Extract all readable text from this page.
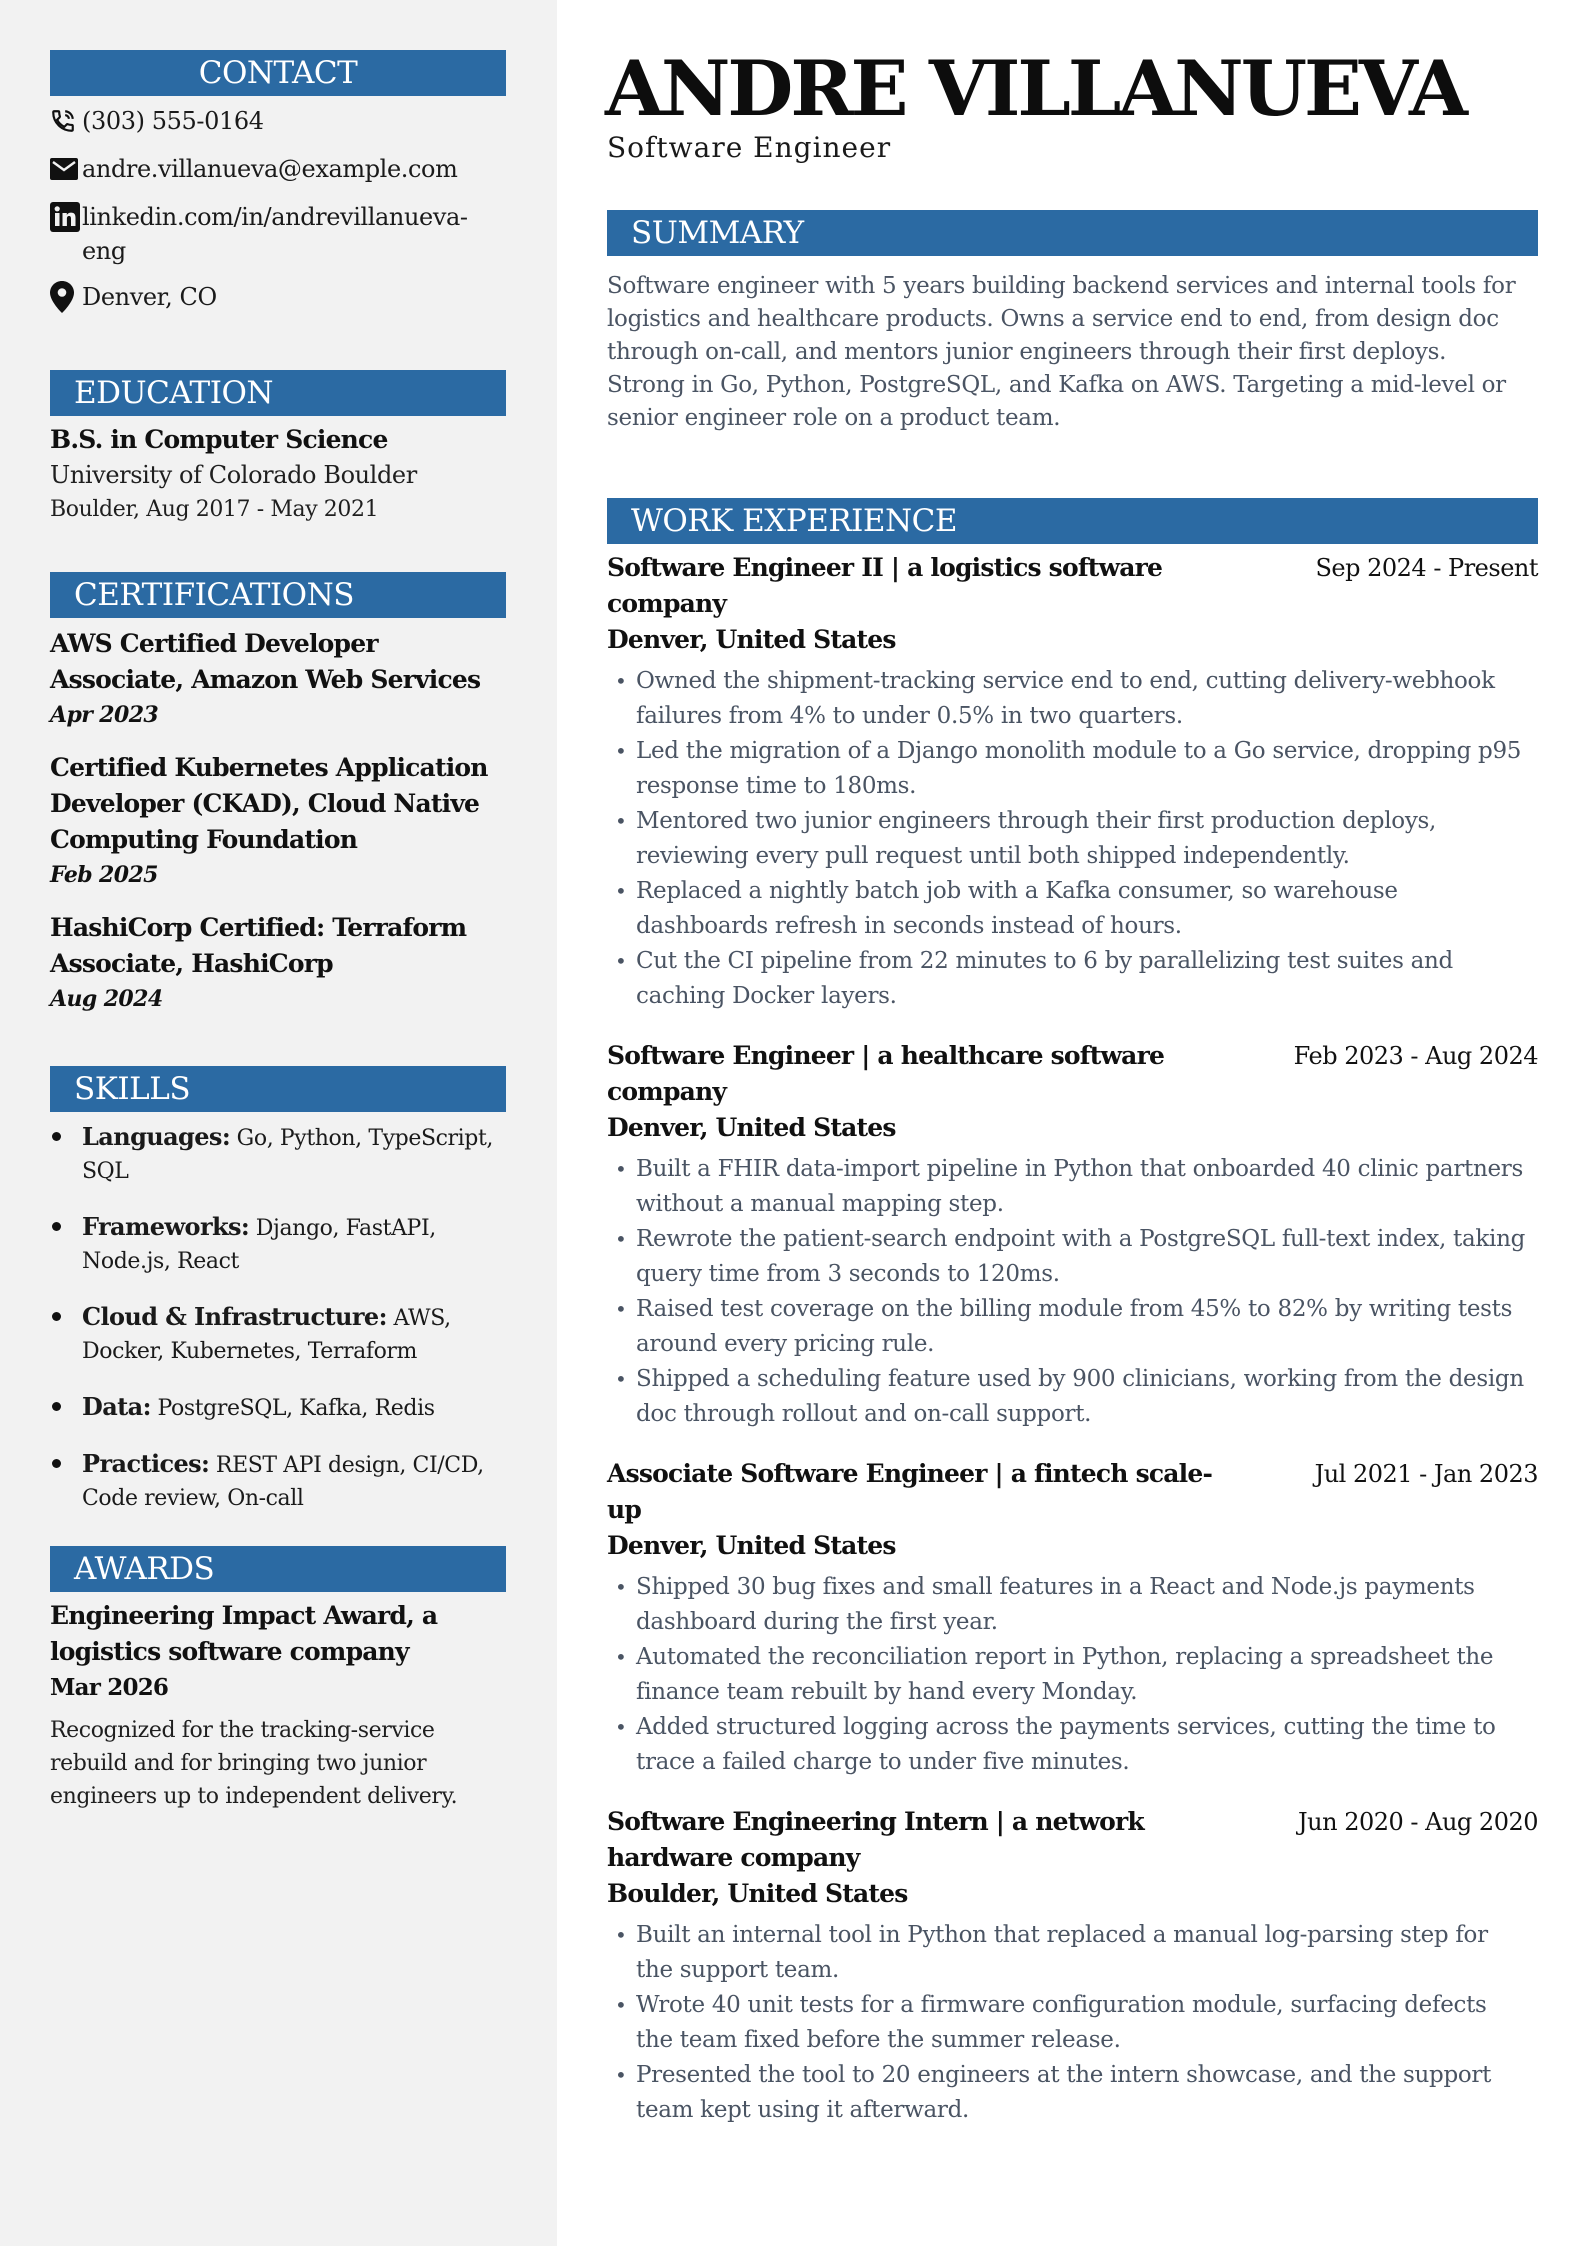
CONTACT
(303) 555-0164
andre.villanueva@example.com
linkedin.com/in/andrevillanueva-eng
Denver, CO
EDUCATION
B.S. in Computer Science
University of Colorado Boulder
Boulder, Aug 2017 - May 2021
CERTIFICATIONS
AWS Certified Developer Associate, Amazon Web Services
Apr 2023
Certified Kubernetes Application Developer (CKAD), Cloud Native Computing Foundation
Feb 2025
HashiCorp Certified: Terraform Associate, HashiCorp
Aug 2024
SKILLS
Languages: Go, Python, TypeScript, SQL
Frameworks: Django, FastAPI, Node.js, React
Cloud & Infrastructure: AWS, Docker, Kubernetes, Terraform
Data: PostgreSQL, Kafka, Redis
Practices: REST API design, CI/CD, Code review, On-call
AWARDS
Engineering Impact Award, a logistics software company
Mar 2026
Recognized for the tracking-service rebuild and for bringing two junior engineers up to independent delivery.
ANDRE VILLANUEVA
Software Engineer
SUMMARY

Software engineer with 5 years building backend services and internal tools for logistics and healthcare products. Owns a service end to end, from design doc through on-call, and mentors junior engineers through their first deploys. Strong in Go, Python, PostgreSQL, and Kafka on AWS. Targeting a mid-level or senior engineer role on a product team.

WORK EXPERIENCE
Software Engineer II | a logistics software company
Sep 2024 - Present
Denver, United States
• Owned the shipment-tracking service end to end, cutting delivery-webhook failures from 4% to under 0.5% in two quarters.
• Led the migration of a Django monolith module to a Go service, dropping p95 response time to 180ms.
• Mentored two junior engineers through their first production deploys, reviewing every pull request until both shipped independently.
• Replaced a nightly batch job with a Kafka consumer, so warehouse dashboards refresh in seconds instead of hours.
• Cut the CI pipeline from 22 minutes to 6 by parallelizing test suites and caching Docker layers.
Software Engineer | a healthcare software company
Feb 2023 - Aug 2024
Denver, United States
• Built a FHIR data-import pipeline in Python that onboarded 40 clinic partners without a manual mapping step.
• Rewrote the patient-search endpoint with a PostgreSQL full-text index, taking query time from 3 seconds to 120ms.
• Raised test coverage on the billing module from 45% to 82% by writing tests around every pricing rule.
• Shipped a scheduling feature used by 900 clinicians, working from the design doc through rollout and on-call support.
Associate Software Engineer | a fintech scale-up
Jul 2021 - Jan 2023
Denver, United States
• Shipped 30 bug fixes and small features in a React and Node.js payments dashboard during the first year.
• Automated the reconciliation report in Python, replacing a spreadsheet the finance team rebuilt by hand every Monday.
• Added structured logging across the payments services, cutting the time to trace a failed charge to under five minutes.
Software Engineering Intern | a network hardware company
Jun 2020 - Aug 2020
Boulder, United States
• Built an internal tool in Python that replaced a manual log-parsing step for the support team.
• Wrote 40 unit tests for a firmware configuration module, surfacing defects the team fixed before the summer release.
• Presented the tool to 20 engineers at the intern showcase, and the support team kept using it afterward.
